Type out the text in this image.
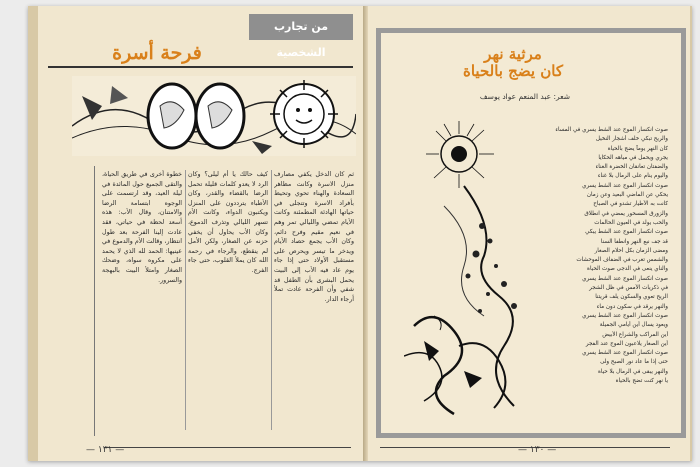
من تجارب الشخصية
فرحة أسرة
ثم كان الدخل يكفي مصارف منزل الاسرة وكانت مظاهر السعادة والهناء تحوي وتحيط بأفراد الاسرة وتتجلى في حياتها الهادئة المطمئنة وكانت الأيام تمضي والليالي تمر وهم في نعيم مقيم وفرح دائم، وكان الأب يجمع حصاد الأيام ويدخر ما تيسر ويحرص على مستقبل الأولاد حتى إذا جاء يوم عاد فيه الأب إلى البيت يحمل البشرى بأن الطفل قد شفي وأن الفرحة عادت تملأ أرجاء الدار.
كيف حالك يا أم ليلى؟ وكان الرد لا يعدو كلمات قليلة تحمل الرضا بالقضاء والقدر، وكان الأطباء يترددون على المنزل ويكتبون الدواء، وكانت الأم تسهر الليالي وتذرف الدموع، وكان الأب يحاول أن يخفي حزنه عن الصغار، ولكن الأمل لم ينقطع، والرجاء في رحمة الله كان يملأ القلوب، حتى جاء الفرج.
خطوة أخرى في طريق الحياة، والتقى الجميع حول المائدة في ليلة العيد، وقد ارتسمت على الوجوه ابتسامة الرضا والامتنان، وقال الأب: هذه أسعد لحظة في حياتي، فقد عادت إلينا الفرحة بعد طول انتظار، وقالت الأم والدموع في عينيها: الحمد لله الذي لا يحمد على مكروه سواه، وضحك الصغار وامتلأ البيت بالبهجة والسرور.
— ١٣١ —
مرثية نهر
كان يضج بالحياة
شعر: عبد المنعم عواد يوسف
صوت انكسار الموج عند الشط يسري في المساء
والريح تبكي خلف أشجار النخيل
كان النهر يوماً يضج بالحياة
يجري ويحمل في مياهه الحكايا
والضفتان تعانقان الخضرة الغناء
واليوم ينام على الرمال بلا غناء
صوت انكسار الموج عند الشط يسري
يحكي عن الماضي البعيد وعن زمان
كانت به الأطيار تشدو في الصباح
والزورق المسحور يمضي في انطلاق
والحب يولد في العيون الحالمات
صوت انكسار الموج عند الشط يبكي
قد جف نبع النهر وانطفأ السنا
ومضى الزمان بكل أحلام الصغار
والشمس تغرب في الضفاف الموحشات
والناي ينعى في الدجى صوت الحياة
صوت انكسار الموج عند الشط يسري
في ذكريات الأمس في ظل الشجر
الريح تعوي والسكون يلف قريتنا
والنهر يرقد في سكون دون ماء
صوت انكسار الموج عند الشط يسري
ويعود يسأل أين أيامي الجميلة
أين المراكب والشراع الأبيض
أين الصغار يلاعبون الموج عند الفجر
صوت انكسار الموج عند الشط يسري
حتى إذا ما عاد نور الصبح ولى
والنهر يبقى في الرمال بلا حياة
يا نهر كنت تضج بالحياة
— ١٣٠ —
